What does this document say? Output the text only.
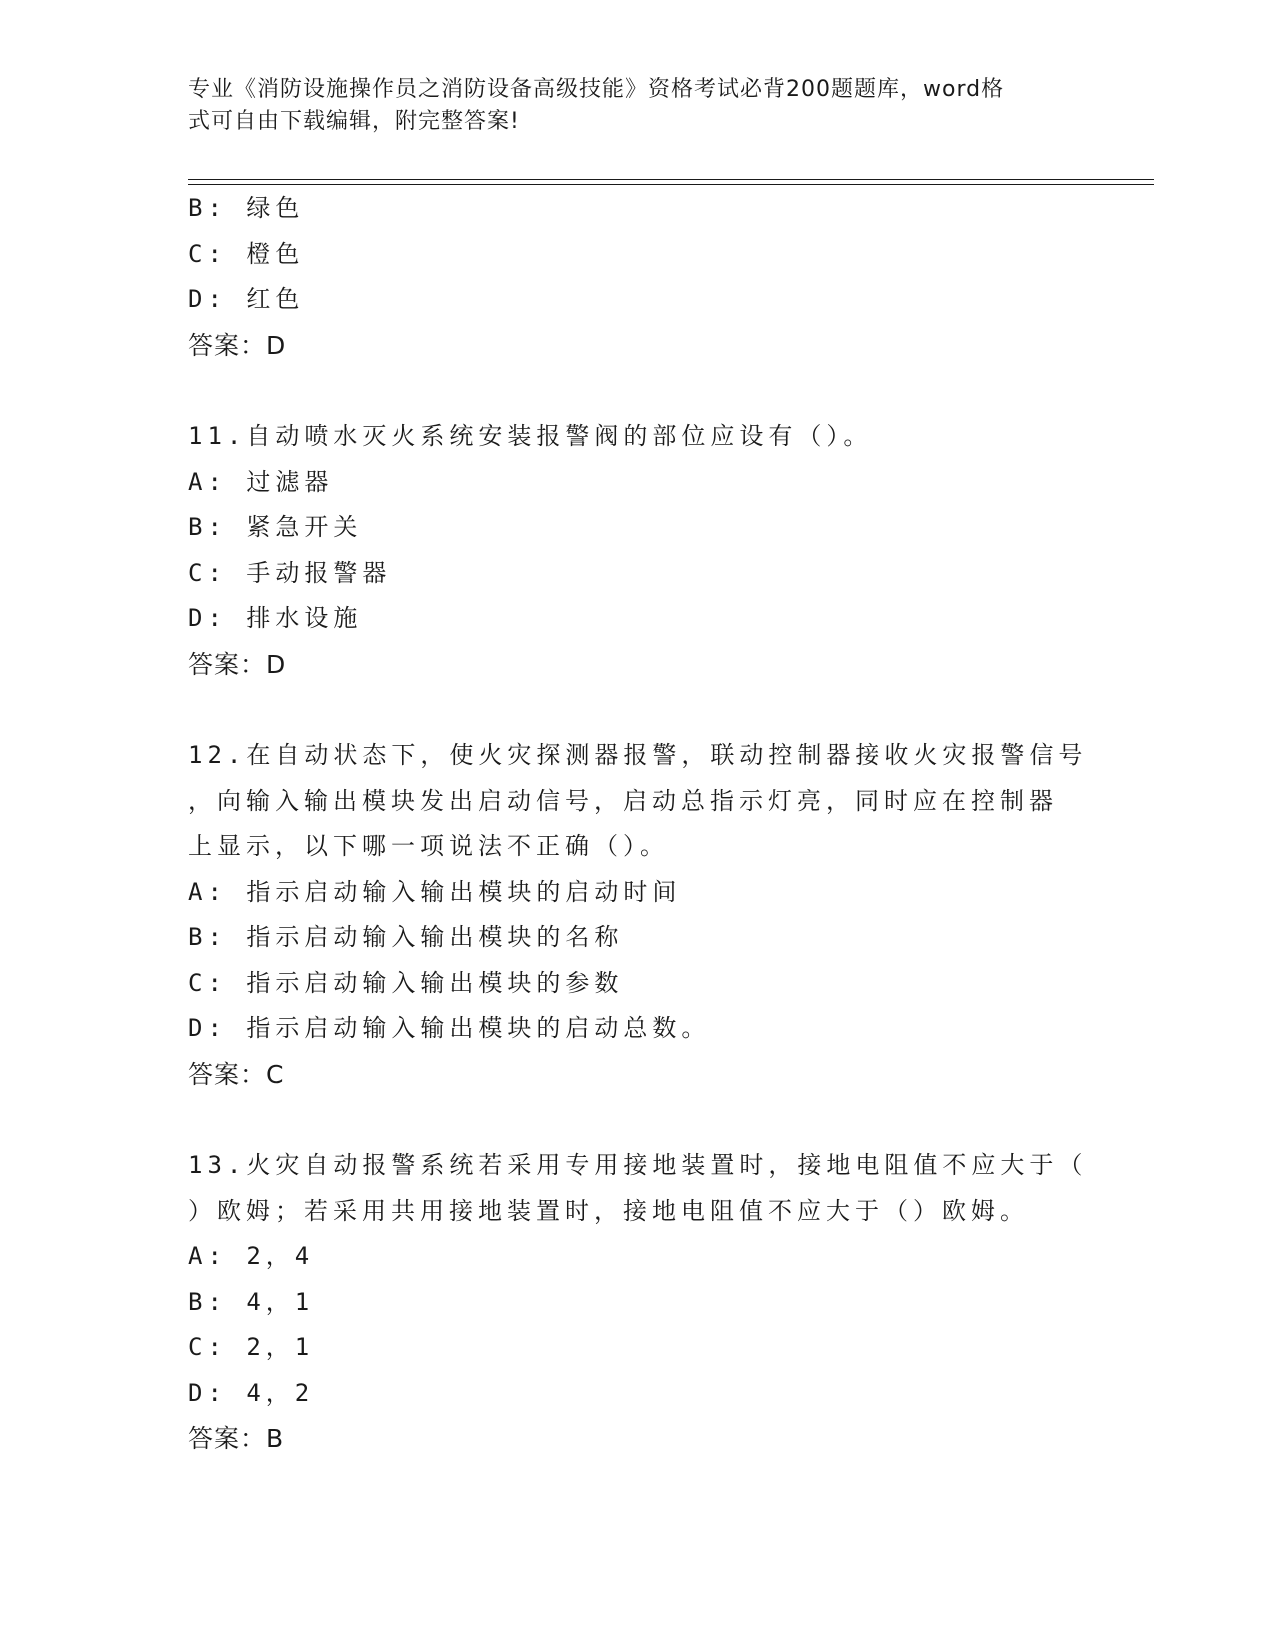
专业《消防设施操作员之消防设备高级技能》资格考试必背200题题库，word格
式可自由下载编辑，附完整答案!
B: 绿色
C: 橙色
D: 红色
答案：D
11.自动喷水灭火系统安装报警阀的部位应设有（）。
A: 过滤器
B: 紧急开关
C: 手动报警器
D: 排水设施
答案：D
12.在自动状态下，使火灾探测器报警，联动控制器接收火灾报警信号
，向输入输出模块发出启动信号，启动总指示灯亮，同时应在控制器
上显示，以下哪一项说法不正确（）。
A: 指示启动输入输出模块的启动时间
B: 指示启动输入输出模块的名称
C: 指示启动输入输出模块的参数
D: 指示启动输入输出模块的启动总数。
答案：C
13.火灾自动报警系统若采用专用接地装置时，接地电阻值不应大于（
）欧姆；若采用共用接地装置时，接地电阻值不应大于（）欧姆。
A: 2，4
B: 4，1
C: 2，1
D: 4，2
答案：B
